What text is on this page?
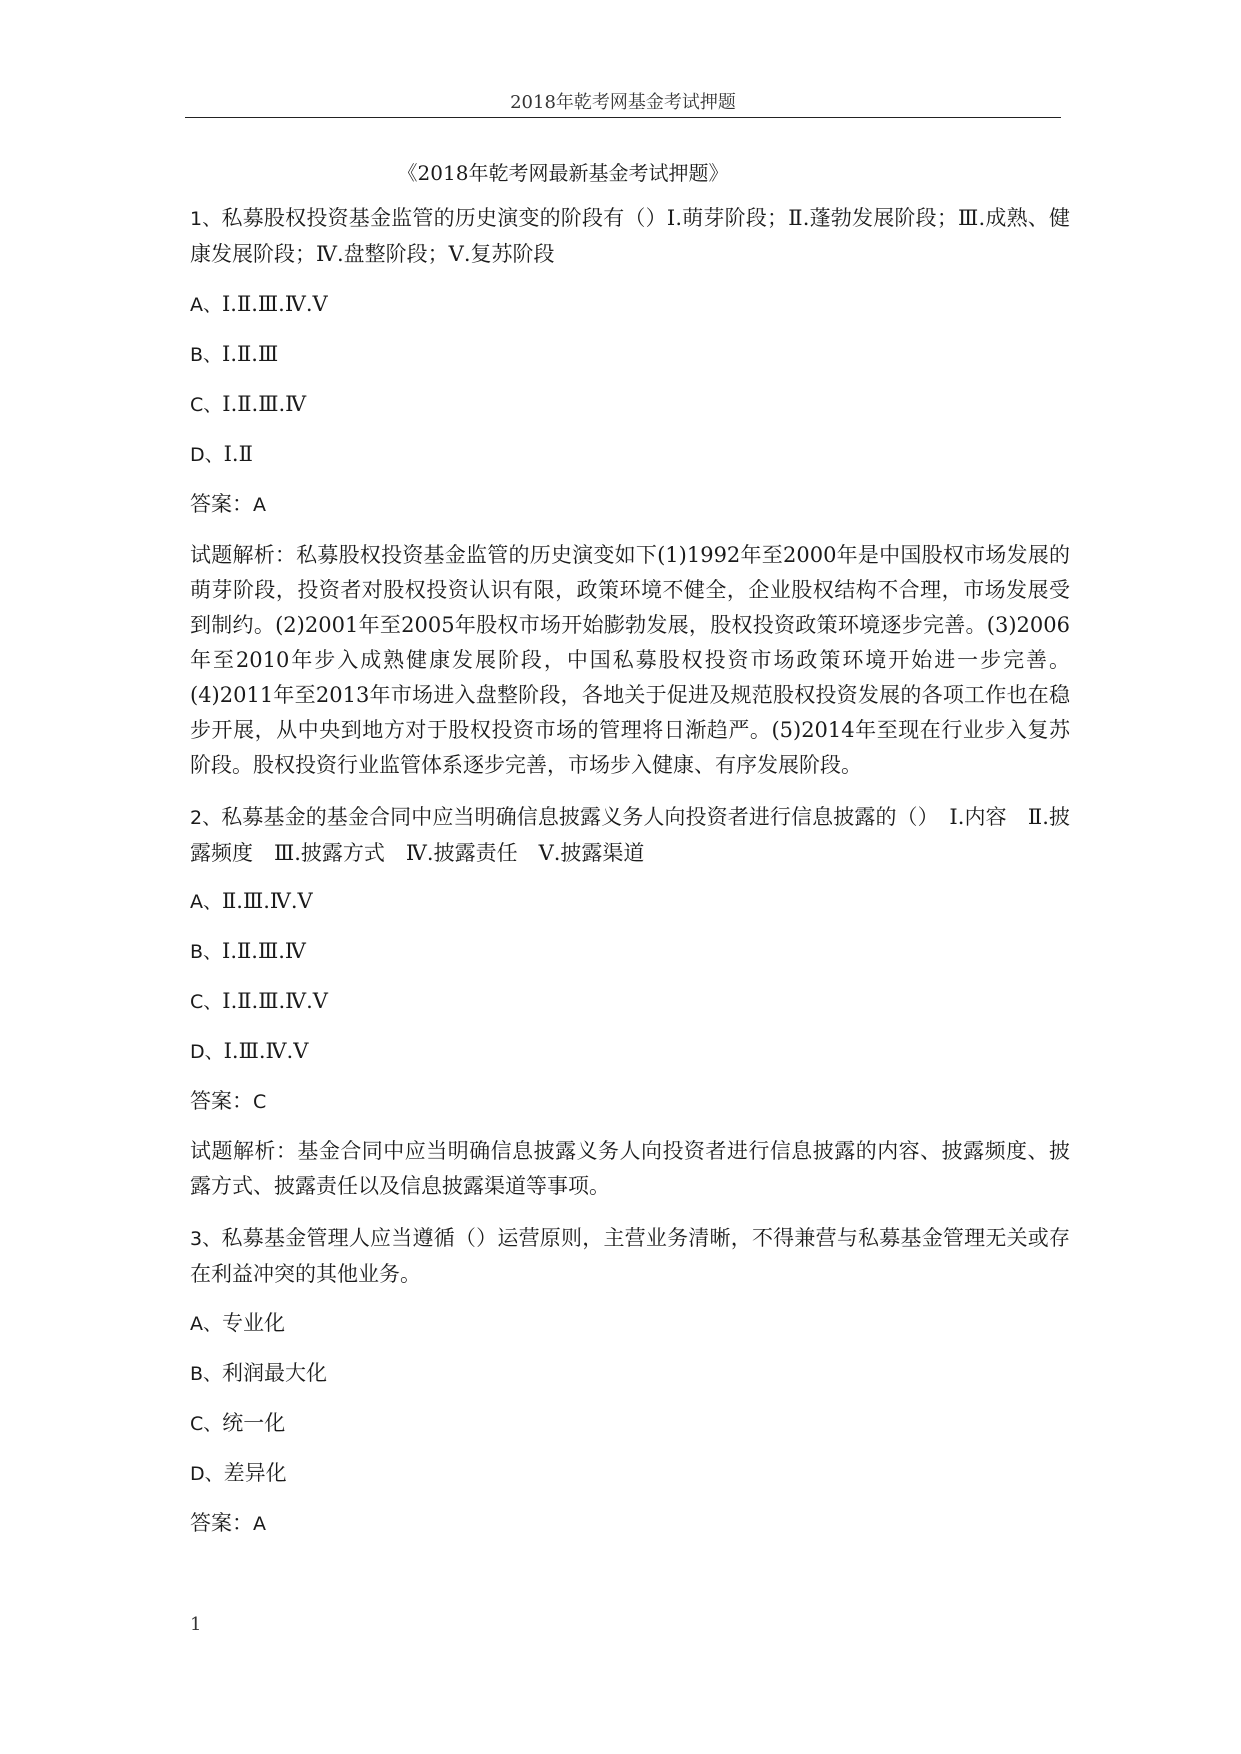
2018年乾考网基金考试押题
《2018年乾考网最新基金考试押题》

1、私募股权投资基金监管的历史演变的阶段有（）Ⅰ.萌芽阶段；Ⅱ.蓬勃发展阶段；Ⅲ.成熟、健康发展阶段；Ⅳ.盘整阶段；Ⅴ.复苏阶段

A、Ⅰ.Ⅱ.Ⅲ.Ⅳ.Ⅴ
B、Ⅰ.Ⅱ.Ⅲ
C、Ⅰ.Ⅱ.Ⅲ.Ⅳ
D、Ⅰ.Ⅱ
答案：A

试题解析：私募股权投资基金监管的历史演变如下(1)1992年至2000年是中国股权市场发展的萌芽阶段，投资者对股权投资认识有限，政策环境不健全，企业股权结构不合理，市场发展受到制约。(2)2001年至2005年股权市场开始膨勃发展，股权投资政策环境逐步完善。(3)2006年至2010年步入成熟健康发展阶段，中国私募股权投资市场政策环境开始进一步完善。(4)2011年至2013年市场进入盘整阶段，各地关于促进及规范股权投资发展的各项工作也在稳步开展，从中央到地方对于股权投资市场的管理将日渐趋严。(5)2014年至现在行业步入复苏阶段。股权投资行业监管体系逐步完善，市场步入健康、有序发展阶段。

2、私募基金的基金合同中应当明确信息披露义务人向投资者进行信息披露的（）　Ⅰ.内容　Ⅱ.披露频度　Ⅲ.披露方式　Ⅳ.披露责任　Ⅴ.披露渠道

A、Ⅱ.Ⅲ.Ⅳ.Ⅴ
B、Ⅰ.Ⅱ.Ⅲ.Ⅳ
C、Ⅰ.Ⅱ.Ⅲ.Ⅳ.Ⅴ
D、Ⅰ.Ⅲ.Ⅳ.Ⅴ
答案：C

试题解析：基金合同中应当明确信息披露义务人向投资者进行信息披露的内容、披露频度、披露方式、披露责任以及信息披露渠道等事项。

3、私募基金管理人应当遵循（）运营原则，主营业务清晰，不得兼营与私募基金管理无关或存在利益冲突的其他业务。

A、专业化
B、利润最大化
C、统一化
D、差异化
答案：A
1
